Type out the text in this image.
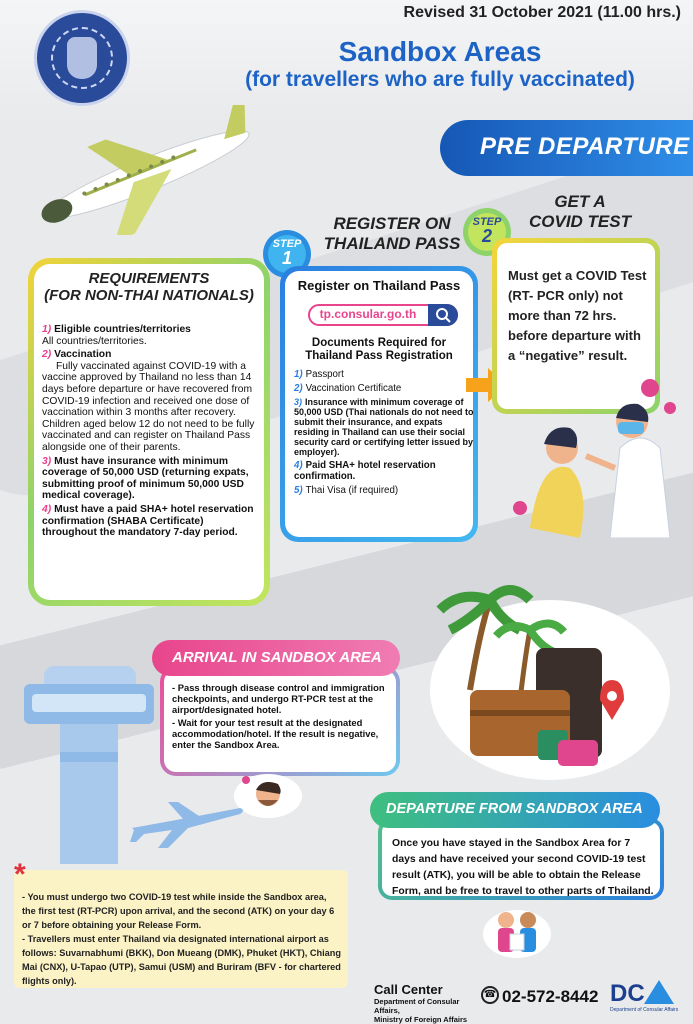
Revised 31 October 2021 (11.00 hrs.)
Sandbox Areas
(for travellers who are fully vaccinated)
PRE DEPARTURE
STEP
1
STEP
2
REGISTER ON
THAILAND PASS
GET A
COVID TEST
REQUIREMENTS
(FOR NON-THAI NATIONALS)
1) Eligible countries/territories
All countries/territories.
2) Vaccination
Fully vaccinated against COVID-19 with a vaccine approved by Thailand no less than 14 days before departure or have recovered from COVID-19 infection and received one dose of vaccination within 3 months after recovery. Children aged below 12 do not need to be fully vaccinated and can register on Thailand Pass alongside one of their parents.
3) Must have insurance with minimum coverage of 50,000 USD (returning expats, submitting proof of minimum 50,000 USD medical coverage).
4) Must have a paid SHA+ hotel reservation confirmation (SHABA Certificate) throughout the mandatory 7-day period.
Register on Thailand Pass
tp.consular.go.th
Documents Required for
Thailand Pass Registration
1) Passport
2) Vaccination Certificate
3) Insurance with minimum coverage of 50,000 USD (Thai nationals do not need to submit their insurance, and expats residing in Thailand can use their social security card or certifying letter issued by employer).
4) Paid SHA+ hotel reservation confirmation.
5) Thai Visa (if required)
Must get a COVID Test (RT- PCR only) not more than 72 hrs. before departure with a “negative” result.
ARRIVAL IN SANDBOX AREA
- Pass through disease control and immigration checkpoints, and undergo RT-PCR test at the airport/designated hotel.
- Wait for your test result at the designated accommodation/hotel. If the result is negative, enter the Sandbox Area.
DEPARTURE FROM SANDBOX AREA
Once you have stayed in the Sandbox Area for 7 days and have received your second COVID-19 test result (ATK), you will be able to obtain the Release Form, and be free to travel to other parts of Thailand.
*
- You must undergo two COVID-19 test while inside the Sandbox area, the first test (RT-PCR) upon arrival, and the second (ATK) on your day 6 or 7 before obtaining your Release Form.
- Travellers must enter Thailand via designated international airport as follows: Suvarnabhumi (BKK), Don Mueang (DMK), Phuket (HKT), Chiang Mai (CNX), U-Tapao (UTP), Samui (USM) and Buriram (BFV - for chartered flights only).
Call Center
Department of Consular Affairs,
Ministry of Foreign Affairs
☎ 02-572-8442 DC
Department of Consular Affairs
